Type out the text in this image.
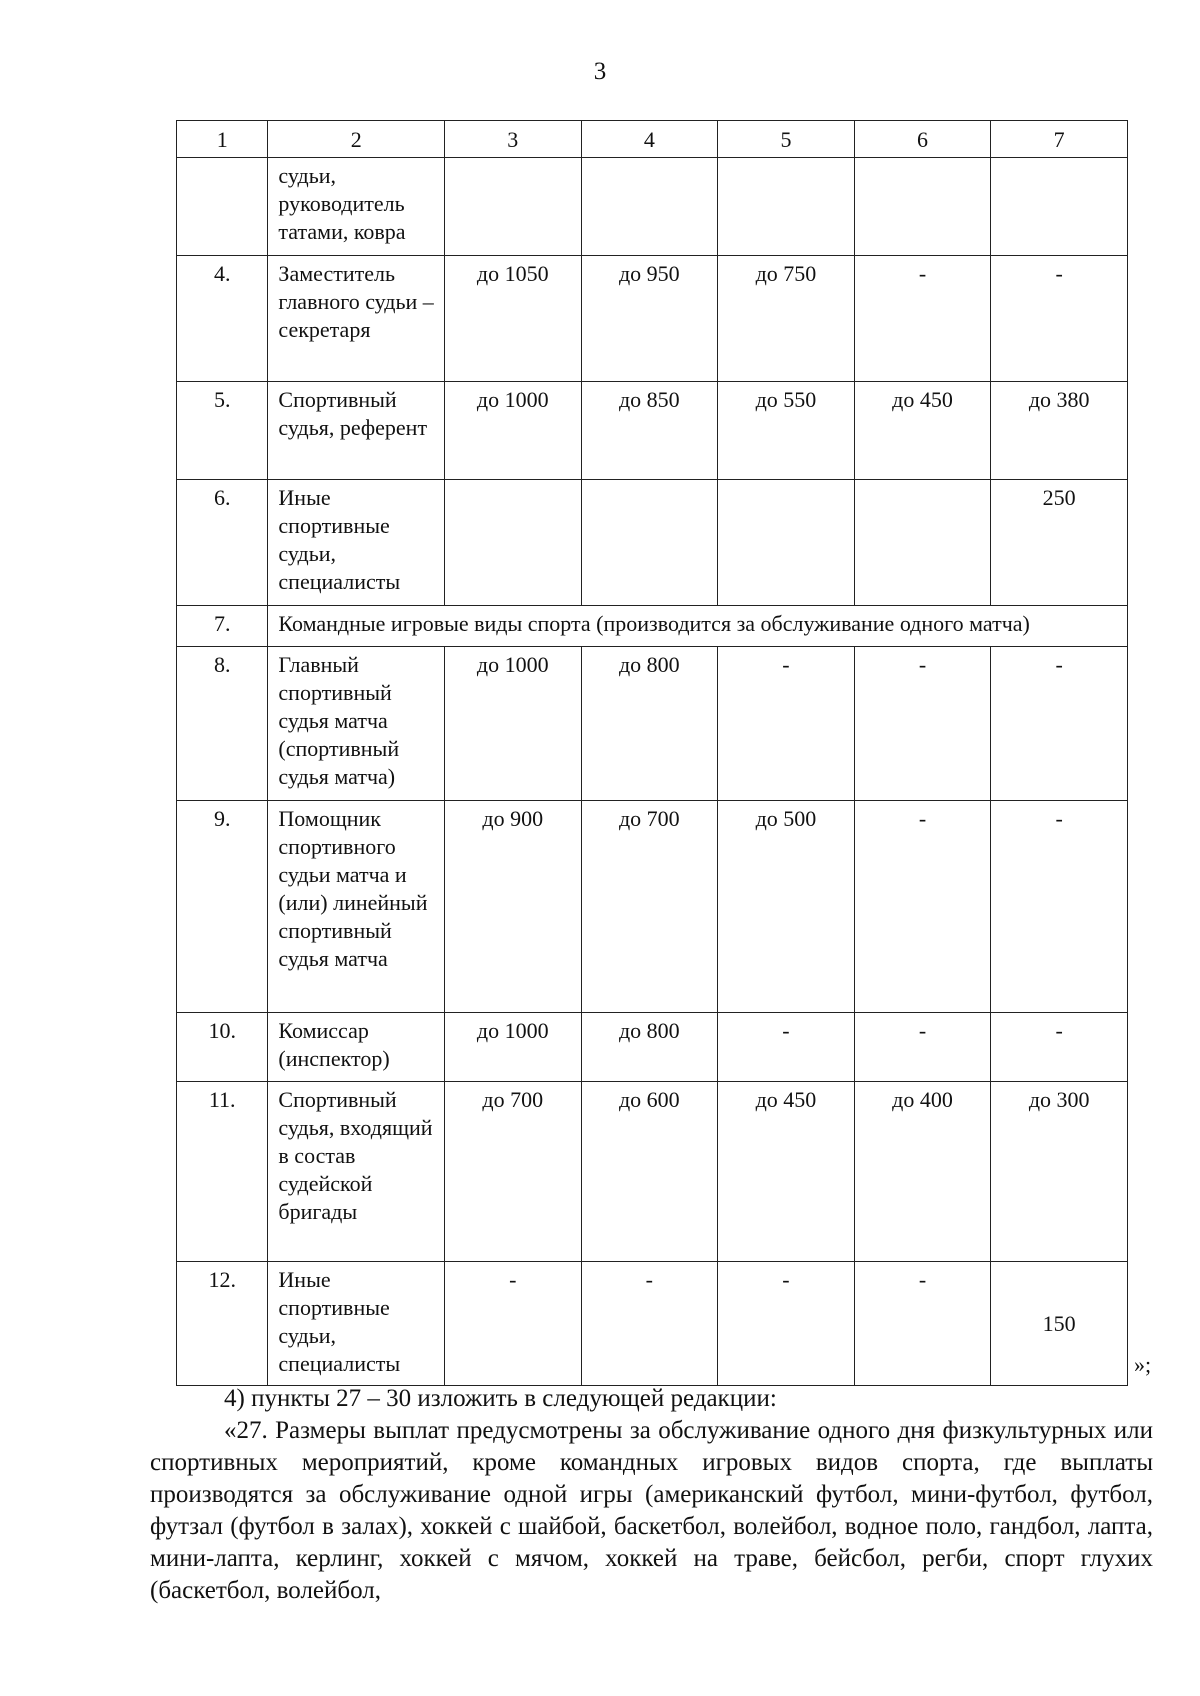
3
1	2	3	4	5	6	7
	судьи, руководитель татами, ковра					
4.	Заместитель главного судьи – секретаря	до 1050	до 950	до 750	-	-
5.	Спортивный судья, референт	до 1000	до 850	до 550	до 450	до 380
6.	Иные спортивные судьи, специалисты					250
7.	Командные игровые виды спорта (производится за обслуживание одного матча)					
8.	Главный спортивный судья матча (спортивный судья матча)	до 1000	до 800	-	-	-
9.	Помощник спортивного судьи матча и (или) линейный спортивный судья матча	до 900	до 700	до 500	-	-
10.	Комиссар (инспектор)	до 1000	до 800	-	-	-
11.	Спортивный судья, входящий в состав судейской бригады	до 700	до 600	до 450	до 400	до 300
12.	Иные спортивные судьи, специалисты	-	-	-	-	150
»;

4) пункты 27 – 30 изложить в следующей редакции:

«27. Размеры выплат предусмотрены за обслуживание одного дня физкультурных или спортивных мероприятий, кроме командных игровых видов спорта, где выплаты производятся за обслуживание одной игры (американский футбол, мини-футбол, футбол, футзал (футбол в залах), хоккей с шайбой, баскетбол, волейбол, водное поло, гандбол, лапта, мини-лапта, керлинг, хоккей с мячом, хоккей на траве, бейсбол, регби, спорт глухих (баскетбол, волейбол,
